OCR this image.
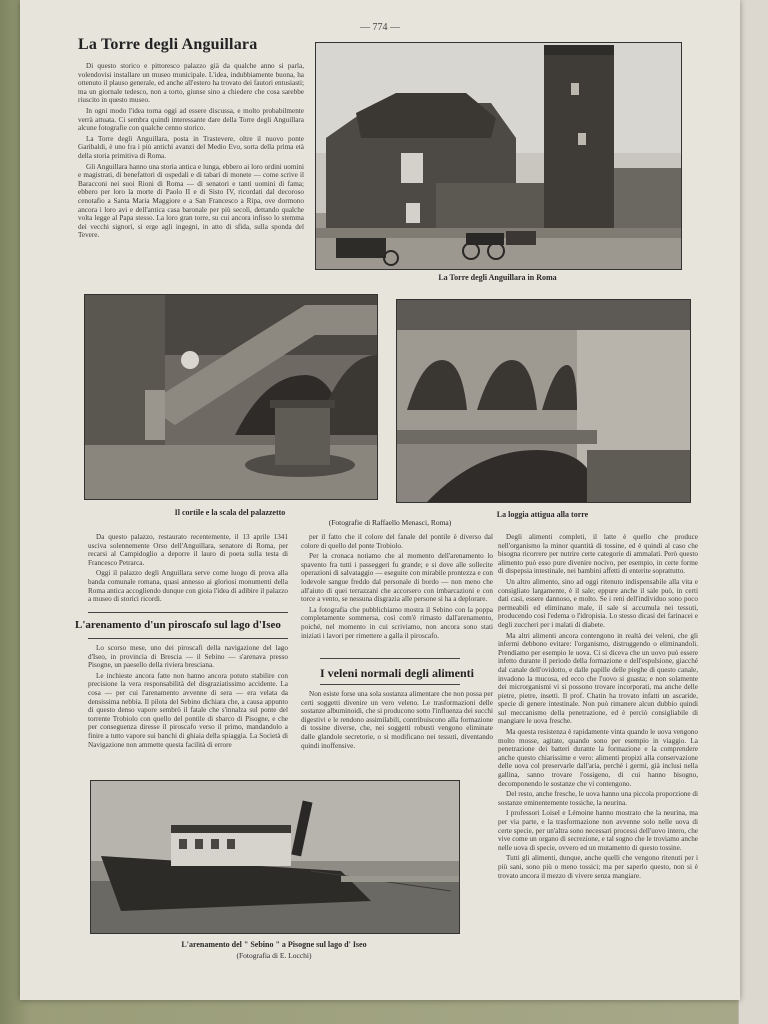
— 774 —
La Torre degli Anguillara

Di questo storico e pittoresco palazzo già da qualche anno si parla, volendovisi installare un museo municipale. L'idea, indubbiamente buona, ha ottenuto il plauso generale, ed anche all'estero ha trovato dei fautori entusiasti; ma un giornale tedesco, non a torto, giunse sino a chiedere che cosa sarebbe riuscito in questo museo.

In ogni modo l'idea torna oggi ad essere discussa, e molto probabilmente verrà attuata. Ci sembra quindi interessante dare della Torre degli Anguillara alcune fotografie con qualche cenno storico.

La Torre degli Anguillara, posta in Trastevere, oltre il nuovo ponte Garibaldi, è uno fra i più antichi avanzi del Medio Evo, sorta della prima età della storia primitiva di Roma.

Gli Anguillara hanno una storia antica e lunga, ebbero ai loro ordini uomini e magistrati, di benefattori di ospedali e di tabari di monete — come scrive il Baracconi nei suoi Rioni di Roma — di senatori e tanti uomini di fama; ebbero per loro la morte di Paolo II e di Sisto IV, ricordati dal decoroso cenotafio a Santa Maria Maggiore e a San Francesco a Ripa, ove dormono ancora i loro avi e dell'antica casa baronale per più secoli, dettando qualche volta legge al Papa stesso. La loro gran torre, su cui ancora infisso lo stemma dei vecchi signori, si erge agli ingegni, in atto di sfida, sulla sponda del Tevere.

La Torre degli Anguillara in Roma
Il cortile e la scala del palazzetto	La loggia attigua alla torre
(Fotografie di Raffaello Menasci, Roma)

Da questo palazzo, restaurato recentemente, il 13 aprile 1341 usciva solennemente Orso dell'Anguillara, senatore di Roma, per recarsi al Campidoglio a deporre il lauro di poeta sulla testa di Francesco Petrarca.

Oggi il palazzo degli Anguillara serve come luogo di prova alla banda comunale romana, quasi annesso ai gloriosi monumenti della Roma antica accogliendo dunque con gioia l'idea di adibire il palazzo a museo di storici ricordi.

L'arenamento d'un piroscafo sul lago d'Iseo

Lo scorso mese, uno dei piroscafi della navigazione del lago d'Iseo, in provincia di Brescia — il Sebino — s'arenava presso Pisogne, un paesello della riviera bresciana.

Le inchieste ancora fatte non hanno ancora potuto stabilire con precisione la vera responsabilità del disgraziatissimo accidente. La cosa — per cui l'arenamento avvenne di sera — era velata da densissima nebbia. Il pilota del Sebino dichiara che, a causa appunto di questo denso vapore sembrò il fatale che s'innalza sul ponte del torrente Trobiolo con quello del pontile di sbarco di Pisogne, e che per conseguenza diresse il piroscafo verso il primo, mandandolo a finire a tutto vapore sui banchi di ghiaia della spiaggia. La Società di Navigazione non ammette questa facilità di errore

per il fatto che il colore del fanale del pontile è diverso dal colore di quello del ponte Trobiolo.

Per la cronaca notiamo che al momento dell'arenamento lo spavento fra tutti i passeggeri fu grande; e si dove alle sollecite operazioni di salvataggio — eseguite con mirabile prontezza e con lodevole sangue freddo dal personale di bordo — non meno che all'aiuto di quei terrazzani che accorsero con imbarcazioni e con torce a vento, se nessuna disgrazia alle persone si ha a deplorare.

La fotografia che pubblichiamo mostra il Sebino con la poppa completamente sommersa, così com'è rimasto dall'arenamento, poiché, nel momento in cui scriviamo, non ancora sono stati iniziati i lavori per rimettere a galla il piroscafo.

I veleni normali degli alimenti

Non esiste forse una sola sostanza alimentare che non possa per certi soggetti divenire un vero veleno. Le trasformazioni delle sostanze albuminoidi, che si producono sotto l'influenza dei succhi digestivi e le rendono assimilabili, contribuiscono alla formazione di tossine diverse, che, nei soggetti robusti vengono eliminate dalle glandole secretorie, o si modificano nei tessuti, diventando quindi inoffensive.

Degli alimenti completi, il latte è quello che produce nell'organismo la minor quantità di tossine, ed è quindi al caso che bisogna ricorrere per nutrire certe categorie di ammalati. Però questo alimento può esso pure divenire nocivo, per esempio, in certe forme di dispepsia intestinale, nei bambini affetti di enterite soprattutto.

Un altro alimento, sino ad oggi ritenuto indispensabile alla vita e consigliato largamente, è il sale; eppure anche il sale può, in certi dati casi, essere dannoso, e molto. Se i reni dell'individuo sono poco permeabili ed eliminano male, il sale si accumula nei tessuti, producendo così l'edema o l'idropisia. Lo stesso dicasi dei farinacei e degli zuccheri per i malati di diabete.

Ma altri alimenti ancora contengono in realtà dei veleni, che gli infermi debbono evitare: l'organismo, distruggendo o eliminandoli. Prendiamo per esempio le uova. Ci si diceva che un uovo può essere infetto durante il periodo della formazione e dell'espulsione, giacché dal canale dell'ovidotto, e dalle papille delle pieghe di questo canale, invadono la mucosa, ed ecco che l'uovo si guasta; e non solamente dei microrganismi vi si possono trovare incorporati, ma anche delle pietre, pietre, insetti. Il prof. Chatin ha trovato infatti un ascaride, specie di genere intestinale. Non può rimanere alcun dubbio quindi sul meccanismo della penetrazione, ed è perciò consigliabile di mangiare le uova fresche.

Ma questa resistenza è rapidamente vinta quando le uova vengono molto mosse, agitate, quando sono per esempio in viaggio. La penetrazione dei batteri durante la formazione e la comprendere anche questo chiarissime e vero: alimenti propizi alla conservazione delle uova col preservarle dall'aria, perché i germi, già inclusi nella gallina, sanno trovare l'ossigeno, di cui hanno bisogno, decomponendo le sostanze che vi contengono.

Del resto, anche fresche, le uova hanno una piccola proporzione di sostanze eminentemente tossiche, la neurina.

I professori Loisel e Lémoine hanno mostrato che la neurina, ma per via parte, e la trasformazione non avvenne solo nelle uova di certe specie, per un'altra sono necessari processi dell'uovo intero, che vive come un organo di secrezione, e tal sogno che le troviamo anche nelle uova di specie, ovvero ed un mutamento di questo tossine.

Tutti gli alimenti, dunque, anche quelli che vengono ritenuti per i più sani, sono più o meno tossici; ma per saperlo questo, non si è trovato ancora il mezzo di vivere senza mangiare.

L'arenamento del " Sebino " a Pisogne sul lago d' Iseo
(Fotografia di E. Locchi)
